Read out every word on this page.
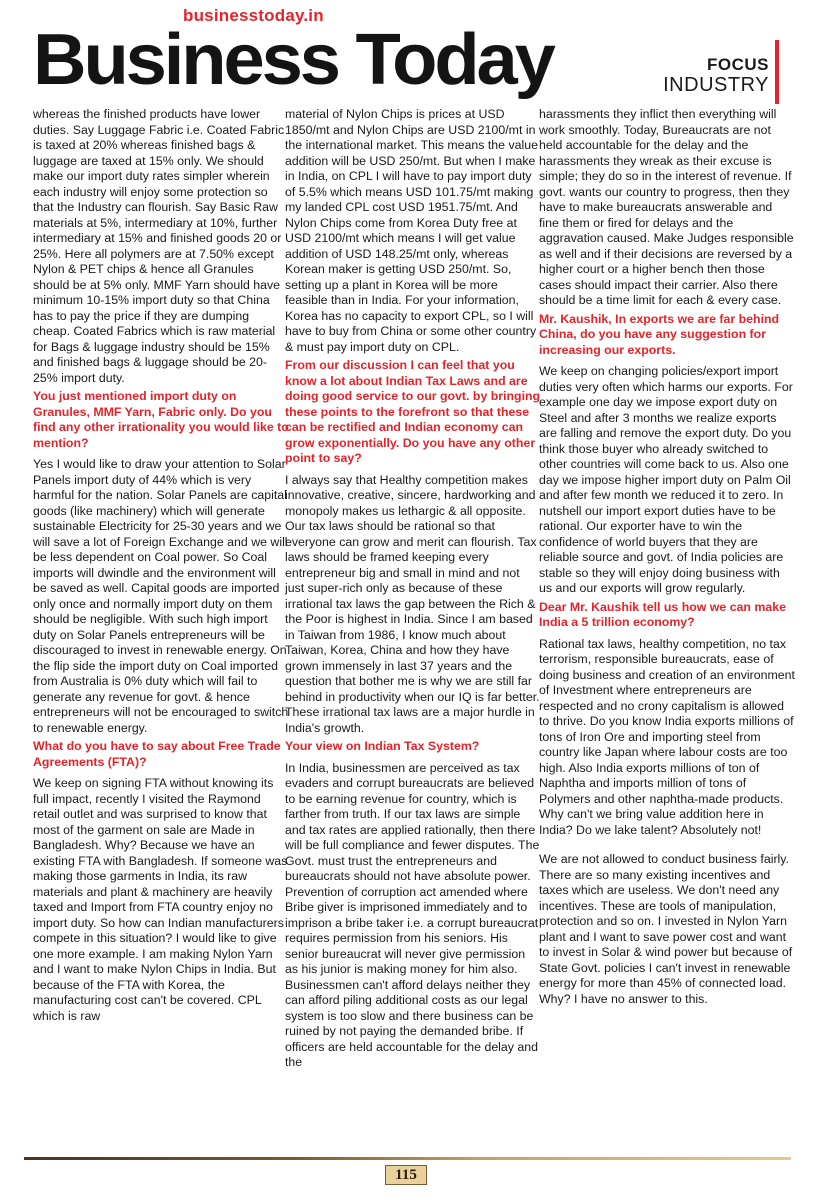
businesstoday.in
Business Today	FOCUS
INDUSTRY

whereas the finished products have lower duties. Say Luggage Fabric i.e. Coated Fabric is taxed at 20% whereas finished bags & luggage are taxed at 15% only. We should make our import duty rates simpler wherein each industry will enjoy some protection so that the Industry can flourish. Say Basic Raw materials at 5%, intermediary at 10%, further intermediary at 15% and finished goods 20 or 25%. Here all polymers are at 7.50% except Nylon & PET chips & hence all Granules should be at 5% only. MMF Yarn should have minimum 10-15% import duty so that China has to pay the price if they are dumping cheap. Coated Fabrics which is raw material for Bags & luggage industry should be 15% and finished bags & luggage should be 20-25% import duty.

You just mentioned import duty on Granules, MMF Yarn, Fabric only. Do you find any other irrationality you would like to mention?

Yes I would like to draw your attention to Solar Panels import duty of 44% which is very harmful for the nation. Solar Panels are capital goods (like machinery) which will generate sustainable Electricity for 25-30 years and we will save a lot of Foreign Exchange and we will be less dependent on Coal power. So Coal imports will dwindle and the environment will be saved as well. Capital goods are imported only once and normally import duty on them should be negligible. With such high import duty on Solar Panels entrepreneurs will be discouraged to invest in renewable energy. On the flip side the import duty on Coal imported from Australia is 0% duty which will fail to generate any revenue for govt. & hence entrepreneurs will not be encouraged to switch to renewable energy.

What do you have to say about Free Trade Agreements (FTA)?

We keep on signing FTA without knowing its full impact, recently I visited the Raymond retail outlet and was surprised to know that most of the garment on sale are Made in Bangladesh. Why? Because we have an existing FTA with Bangladesh. If someone was making those garments in India, its raw materials and plant & machinery are heavily taxed and Import from FTA country enjoy no import duty. So how can Indian manufacturers compete in this situation? I would like to give one more example. I am making Nylon Yarn and I want to make Nylon Chips in India. But because of the FTA with Korea, the manufacturing cost can't be covered. CPL which is raw

material of Nylon Chips is prices at USD 1850/mt and Nylon Chips are USD 2100/mt in the international market. This means the value addition will be USD 250/mt. But when I make in India, on CPL I will have to pay import duty of 5.5% which means USD 101.75/mt making my landed CPL cost USD 1951.75/mt. And Nylon Chips come from Korea Duty free at USD 2100/mt which means I will get value addition of USD 148.25/mt only, whereas Korean maker is getting USD 250/mt. So, setting up a plant in Korea will be more feasible than in India. For your information, Korea has no capacity to export CPL, so I will have to buy from China or some other country & must pay import duty on CPL.

From our discussion I can feel that you know a lot about Indian Tax Laws and are doing good service to our govt. by bringing these points to the forefront so that these can be rectified and Indian economy can grow exponentially. Do you have any other point to say?

I always say that Healthy competition makes innovative, creative, sincere, hardworking and monopoly makes us lethargic & all opposite. Our tax laws should be rational so that everyone can grow and merit can flourish. Tax laws should be framed keeping every entrepreneur big and small in mind and not just super-rich only as because of these irrational tax laws the gap between the Rich & the Poor is highest in India. Since I am based in Taiwan from 1986, I know much about Taiwan, Korea, China and how they have grown immensely in last 37 years and the question that bother me is why we are still far behind in productivity when our IQ is far better. These irrational tax laws are a major hurdle in India's growth.

Your view on Indian Tax System?

In India, businessmen are perceived as tax evaders and corrupt bureaucrats are believed to be earning revenue for country, which is farther from truth. If our tax laws are simple and tax rates are applied rationally, then there will be full compliance and fewer disputes. The Govt. must trust the entrepreneurs and bureaucrats should not have absolute power. Prevention of corruption act amended where Bribe giver is imprisoned immediately and to imprison a bribe taker i.e. a corrupt bureaucrat requires permission from his seniors. His senior bureaucrat will never give permission as his junior is making money for him also. Businessmen can't afford delays neither they can afford piling additional costs as our legal system is too slow and there business can be ruined by not paying the demanded bribe. If officers are held accountable for the delay and the

harassments they inflict then everything will work smoothly. Today, Bureaucrats are not held accountable for the delay and the harassments they wreak as their excuse is simple; they do so in the interest of revenue. If govt. wants our country to progress, then they have to make bureaucrats answerable and fine them or fired for delays and the aggravation caused. Make Judges responsible as well and if their decisions are reversed by a higher court or a higher bench then those cases should impact their carrier. Also there should be a time limit for each & every case.

Mr. Kaushik, In exports we are far behind China, do you have any suggestion for increasing our exports.

We keep on changing policies/export import duties very often which harms our exports. For example one day we impose export duty on Steel and after 3 months we realize exports are falling and remove the export duty. Do you think those buyer who already switched to other countries will come back to us. Also one day we impose higher import duty on Palm Oil and after few month we reduced it to zero. In nutshell our import export duties have to be rational. Our exporter have to win the confidence of world buyers that they are reliable source and govt. of India policies are stable so they will enjoy doing business with us and our exports will grow regularly.

Dear Mr. Kaushik tell us how we can make India a 5 trillion economy?

Rational tax laws, healthy competition, no tax terrorism, responsible bureaucrats, ease of doing business and creation of an environment of Investment where entrepreneurs are respected and no crony capitalism is allowed to thrive. Do you know India exports millions of tons of Iron Ore and importing steel from country like Japan where labour costs are too high. Also India exports millions of ton of Naphtha and imports million of tons of Polymers and other naphtha-made products. Why can't we bring value addition here in India? Do we lake talent? Absolutely not!

We are not allowed to conduct business fairly. There are so many existing incentives and taxes which are useless. We don't need any incentives. These are tools of manipulation, protection and so on. I invested in Nylon Yarn plant and I want to save power cost and want to invest in Solar & wind power but because of State Govt. policies I can't invest in renewable energy for more than 45% of connected load. Why? I have no answer to this.

115
